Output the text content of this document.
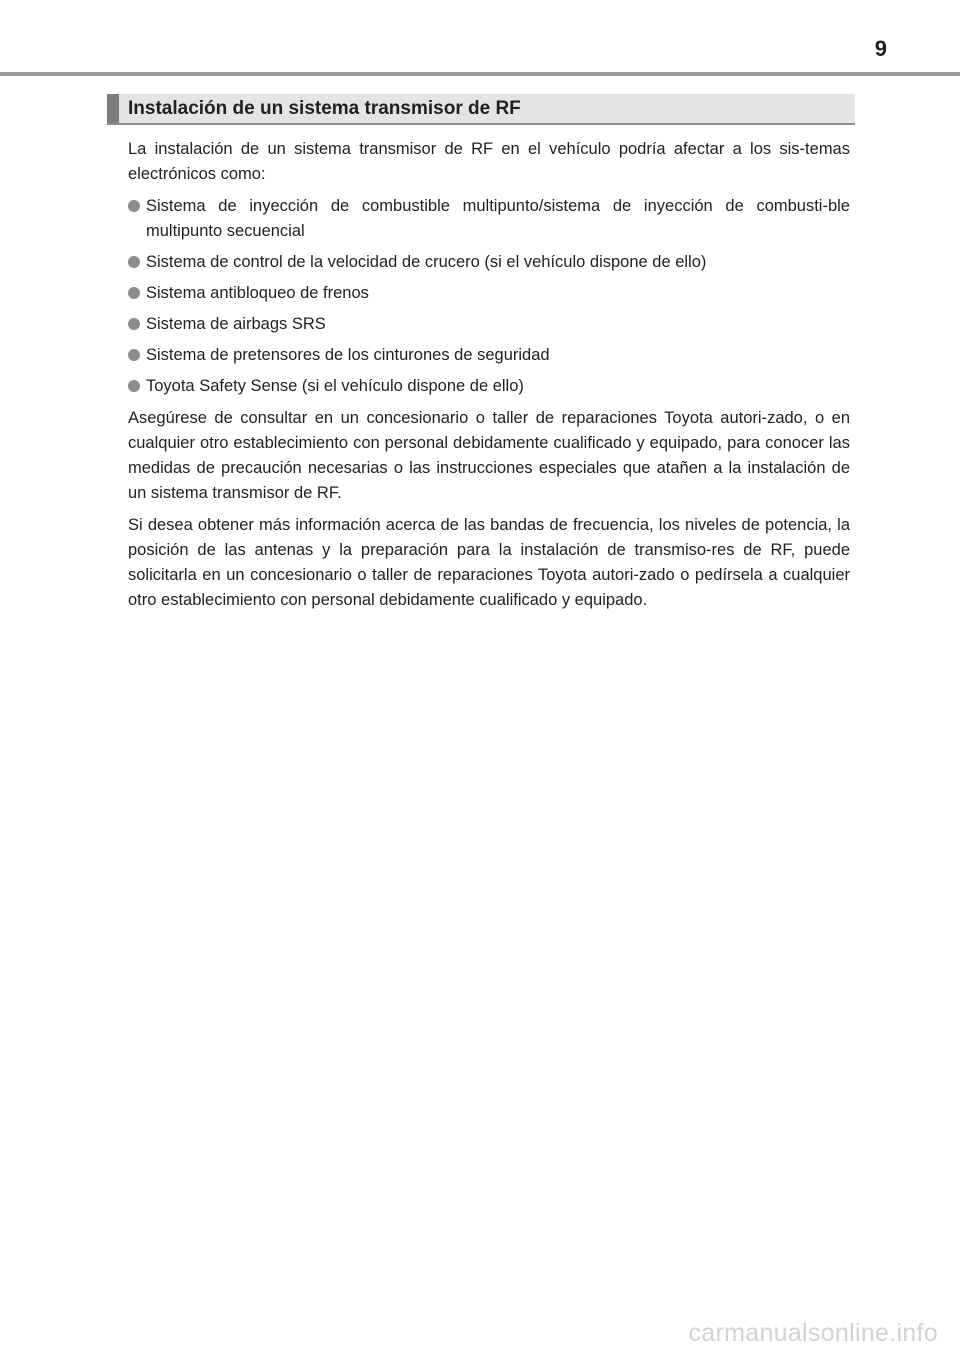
9
Instalación de un sistema transmisor de RF

La instalación de un sistema transmisor de RF en el vehículo podría afectar a los sis-temas electrónicos como:

Sistema de inyección de combustible multipunto/sistema de inyección de combusti-ble multipunto secuencial
Sistema de control de la velocidad de crucero (si el vehículo dispone de ello)
Sistema antibloqueo de frenos
Sistema de airbags SRS
Sistema de pretensores de los cinturones de seguridad
Toyota Safety Sense (si el vehículo dispone de ello)

Asegúrese de consultar en un concesionario o taller de reparaciones Toyota autori-zado, o en cualquier otro establecimiento con personal debidamente cualificado y equipado, para conocer las medidas de precaución necesarias o las instrucciones especiales que atañen a la instalación de un sistema transmisor de RF.

Si desea obtener más información acerca de las bandas de frecuencia, los niveles de potencia, la posición de las antenas y la preparación para la instalación de transmiso-res de RF, puede solicitarla en un concesionario o taller de reparaciones Toyota autori-zado o pedírsela a cualquier otro establecimiento con personal debidamente cualificado y equipado.

carmanualsonline.info
